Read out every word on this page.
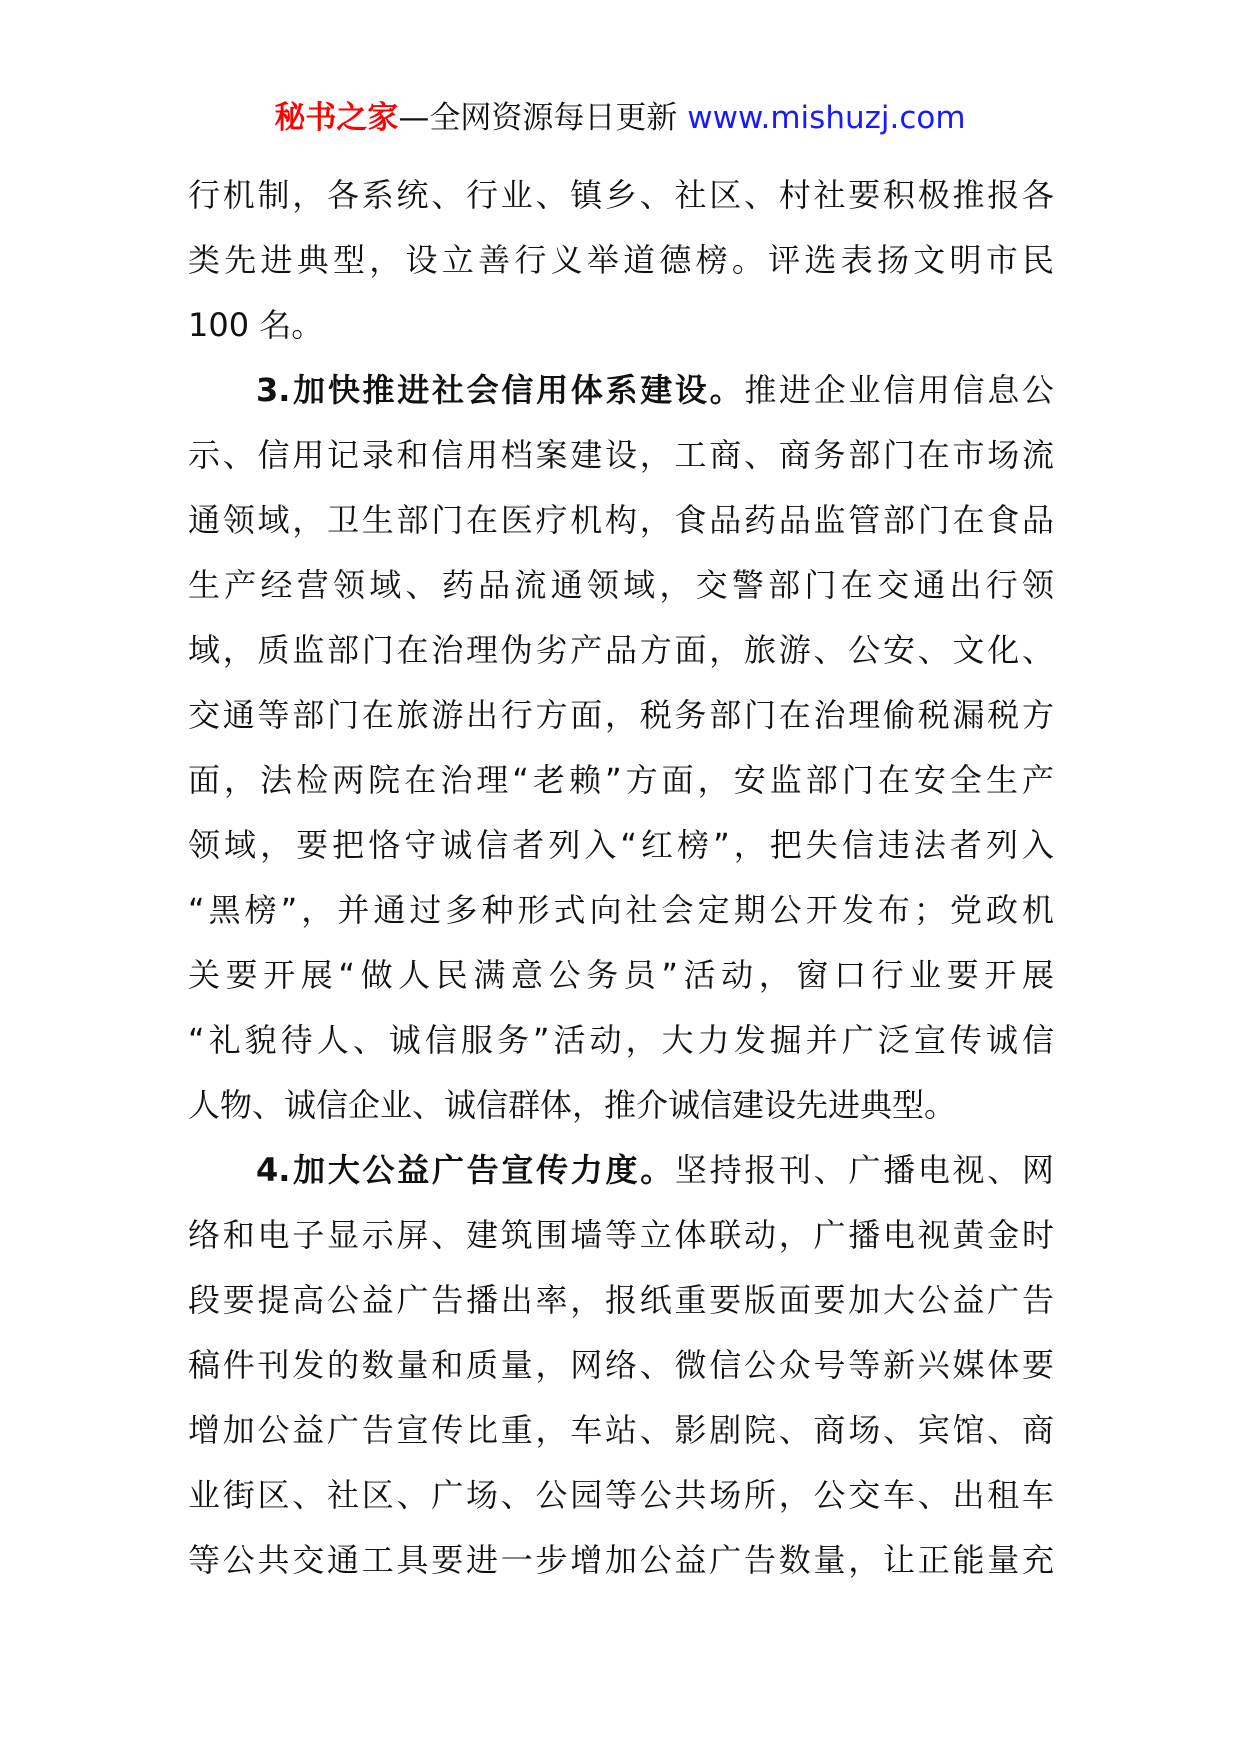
秘书之家—全网资源每日更新 www.mishuzj.com
行机制，各系统、行业、镇乡、社区、村社要积极推报各
类先进典型，设立善行义举道德榜。评选表扬文明市民
100 名。
3.加快推进社会信用体系建设。推进企业信用信息公
示、信用记录和信用档案建设，工商、商务部门在市场流
通领域，卫生部门在医疗机构，食品药品监管部门在食品
生产经营领域、药品流通领域，交警部门在交通出行领
域，质监部门在治理伪劣产品方面，旅游、公安、文化、
交通等部门在旅游出行方面，税务部门在治理偷税漏税方
面，法检两院在治理“老赖”方面，安监部门在安全生产
领域，要把恪守诚信者列入“红榜”，把失信违法者列入
“黑榜”，并通过多种形式向社会定期公开发布；党政机
关要开展“做人民满意公务员”活动，窗口行业要开展
“礼貌待人、诚信服务”活动，大力发掘并广泛宣传诚信
人物、诚信企业、诚信群体，推介诚信建设先进典型。
4.加大公益广告宣传力度。坚持报刊、广播电视、网
络和电子显示屏、建筑围墙等立体联动，广播电视黄金时
段要提高公益广告播出率，报纸重要版面要加大公益广告
稿件刊发的数量和质量，网络、微信公众号等新兴媒体要
增加公益广告宣传比重，车站、影剧院、商场、宾馆、商
业街区、社区、广场、公园等公共场所，公交车、出租车
等公共交通工具要进一步增加公益广告数量，让正能量充
